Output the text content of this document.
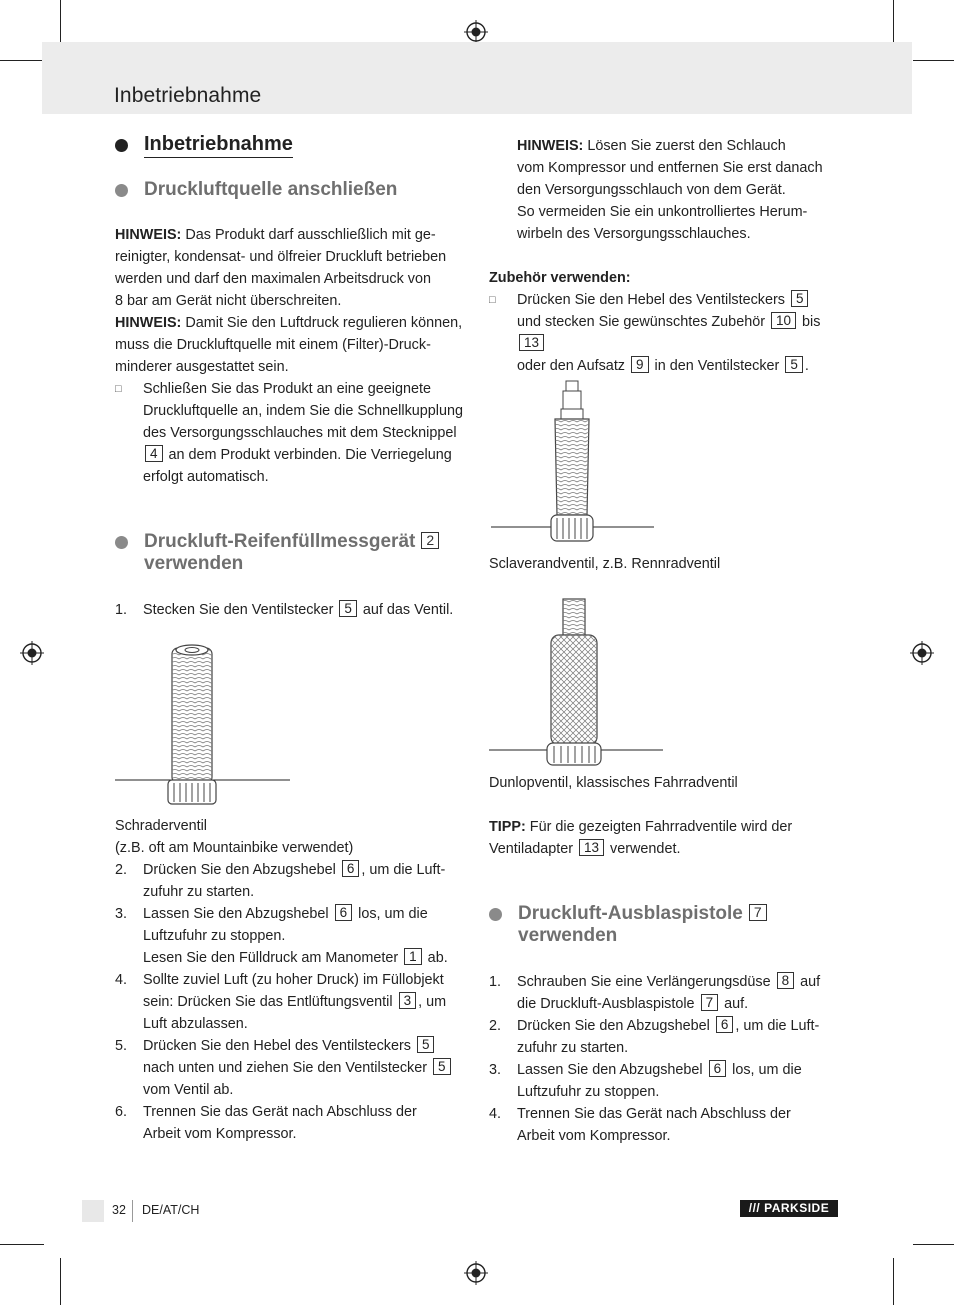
Inbetriebnahme
Inbetriebnahme
Druckluftquelle anschließen
HINWEIS: Das Produkt darf ausschließlich mit ge-
reinigter, kondensat- und ölfreier Druckluft betrieben
werden und darf den maximalen Arbeitsdruck von
8 bar am Gerät nicht überschreiten.
HINWEIS: Damit Sie den Luftdruck regulieren können,
muss die Druckluftquelle mit einem (Filter)-Druck-
minderer ausgestattet sein.
□	Schließen Sie das Produkt an eine geeignete
Druckluftquelle an, indem Sie die Schnellkupplung
des Versorgungsschlauches mit dem Stecknippel
4 an dem Produkt verbinden. Die Verriegelung
erfolgt automatisch.
Druckluft-Reifenfüllmessgerät 2
verwenden
1.	Stecken Sie den Ventilstecker 5 auf das Ventil.
Schraderventil
(z.B. oft am Mountainbike verwendet)
2.	Drücken Sie den Abzugshebel 6 , um die Luft-
zufuhr zu starten.
3.	Lassen Sie den Abzugshebel 6 los, um die
Luftzufuhr zu stoppen.
Lesen Sie den Fülldruck am Manometer 1 ab.
4.	Sollte zuviel Luft (zu hoher Druck) im Füllobjekt
sein: Drücken Sie das Entlüftungsventil 3 , um
Luft abzulassen.
5.	Drücken Sie den Hebel des Ventilsteckers 5
nach unten und ziehen Sie den Ventilstecker 5
vom Ventil ab.
6.	Trennen Sie das Gerät nach Abschluss der
Arbeit vom Kompressor.
HINWEIS: Lösen Sie zuerst den Schlauch
vom Kompressor und entfernen Sie erst danach
den Versorgungsschlauch von dem Gerät.
So vermeiden Sie ein unkontrolliertes Herum-
wirbeln des Versorgungsschlauches.
Zubehör verwenden:
□	Drücken Sie den Hebel des Ventilsteckers 5
und stecken Sie gewünschtes Zubehör 10 bis 13
oder den Aufsatz 9 in den Ventilstecker 5 .
Sclaverandventil, z.B. Rennradventil
Dunlopventil, klassisches Fahrradventil
TIPP: Für die gezeigten Fahrradventile wird der
Ventiladapter 13 verwendet.
Druckluft-Ausblaspistole 7
verwenden
1.	Schrauben Sie eine Verlängerungsdüse 8 auf
die Druckluft-Ausblaspistole 7 auf.
2.	Drücken Sie den Abzugshebel 6 , um die Luft-
zufuhr zu starten.
3.	Lassen Sie den Abzugshebel 6 los, um die
Luftzufuhr zu stoppen.
4.	Trennen Sie das Gerät nach Abschluss der
Arbeit vom Kompressor.
32 DE/AT/CH	/// PARKSIDE
